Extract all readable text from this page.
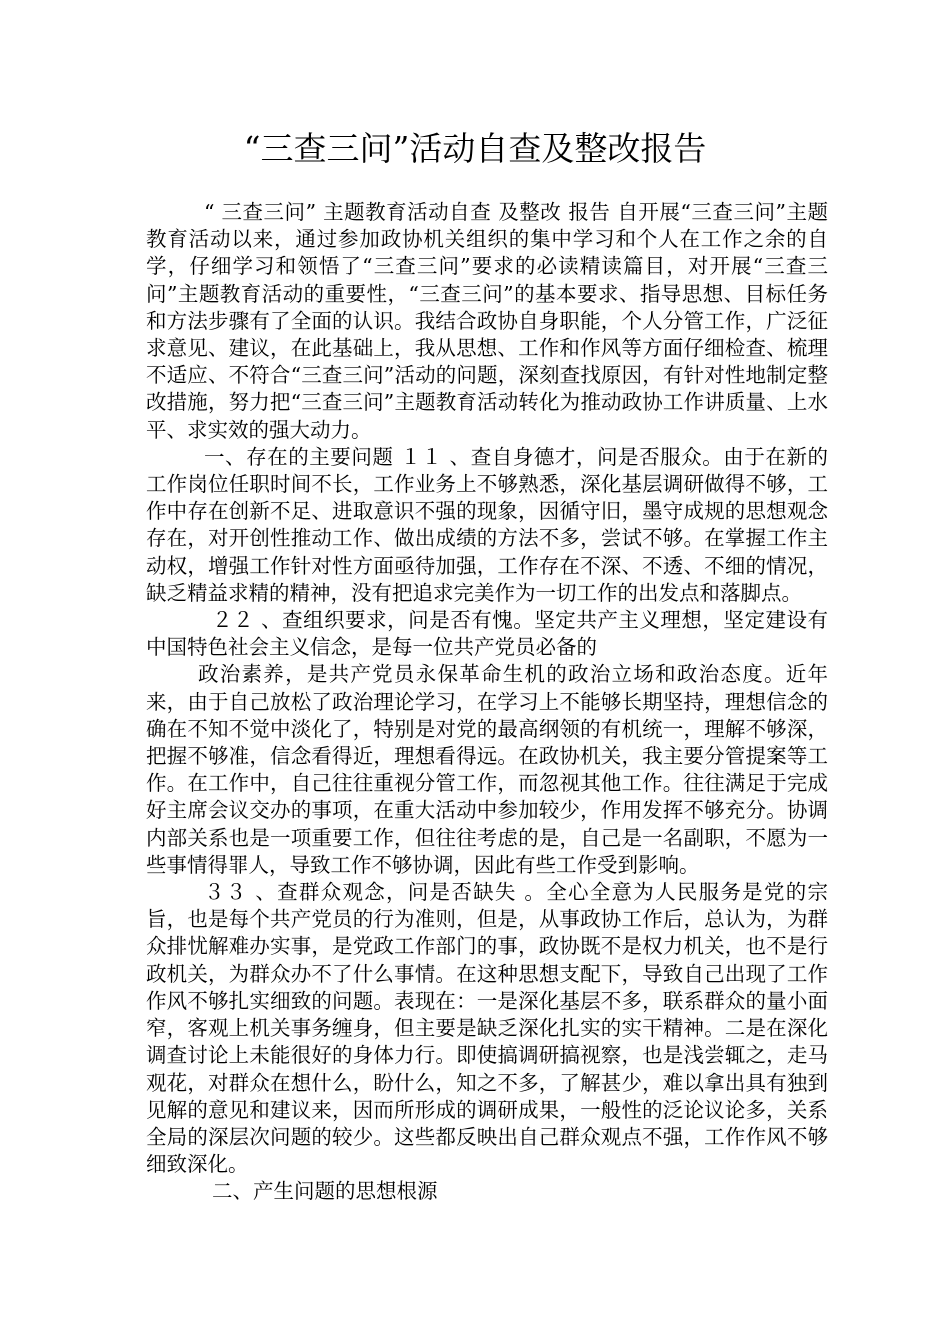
“三查三问”活动自查及整改报告

“ 三查三问” 主题教育活动自查 及整改 报告 自开展“三查三问”主题教育活动以来，通过参加政协机关组织的集中学习和个人在工作之余的自学，仔细学习和领悟了“三查三问”要求的必读精读篇目，对开展“三查三问”主题教育活动的重要性，“三查三问”的基本要求、指导思想、目标任务和方法步骤有了全面的认识。我结合政协自身职能，个人分管工作，广泛征求意见、建议，在此基础上，我从思想、工作和作风等方面仔细检查、梳理不适应、不符合“三查三问”活动的问题，深刻查找原因，有针对性地制定整改措施，努力把“三查三问”主题教育活动转化为推动政协工作讲质量、上水平、求实效的强大动力。

一、存在的主要问题 １１ 、查自身德才，问是否服众。由于在新的工作岗位任职时间不长，工作业务上不够熟悉，深化基层调研做得不够，工作中存在创新不足、进取意识不强的现象，因循守旧，墨守成规的思想观念存在，对开创性推动工作、做出成绩的方法不多，尝试不够。在掌握工作主动权，增强工作针对性方面亟待加强，工作存在不深、不透、不细的情况，缺乏精益求精的精神，没有把追求完美作为一切工作的出发点和落脚点。

２２ 、查组织要求，问是否有愧。坚定共产主义理想，坚定建设有中国特色社会主义信念，是每一位共产党员必备的

政治素养，是共产党员永保革命生机的政治立场和政治态度。近年来，由于自己放松了政治理论学习，在学习上不能够长期坚持，理想信念的确在不知不觉中淡化了，特别是对党的最高纲领的有机统一，理解不够深，把握不够准，信念看得近，理想看得远。在政协机关，我主要分管提案等工作。在工作中，自己往往重视分管工作，而忽视其他工作。往往满足于完成好主席会议交办的事项，在重大活动中参加较少，作用发挥不够充分。协调内部关系也是一项重要工作，但往往考虑的是，自己是一名副职，不愿为一些事情得罪人，导致工作不够协调，因此有些工作受到影响。

３３ 、查群众观念，问是否缺失 。全心全意为人民服务是党的宗旨，也是每个共产党员的行为准则，但是，从事政协工作后，总认为，为群众排忧解难办实事，是党政工作部门的事，政协既不是权力机关，也不是行政机关，为群众办不了什么事情。在这种思想支配下，导致自己出现了工作作风不够扎实细致的问题。表现在：一是深化基层不多，联系群众的量小面窄，客观上机关事务缠身，但主要是缺乏深化扎实的实干精神。二是在深化调查讨论上未能很好的身体力行。即使搞调研搞视察，也是浅尝辄之，走马观花，对群众在想什么，盼什么，知之不多，了解甚少，难以拿出具有独到见解的意见和建议来，因而所形成的调研成果，一般性的泛论议论多，关系全局的深层次问题的较少。这些都反映出自己群众观点不强，工作作风不够细致深化。

二、产生问题的思想根源
